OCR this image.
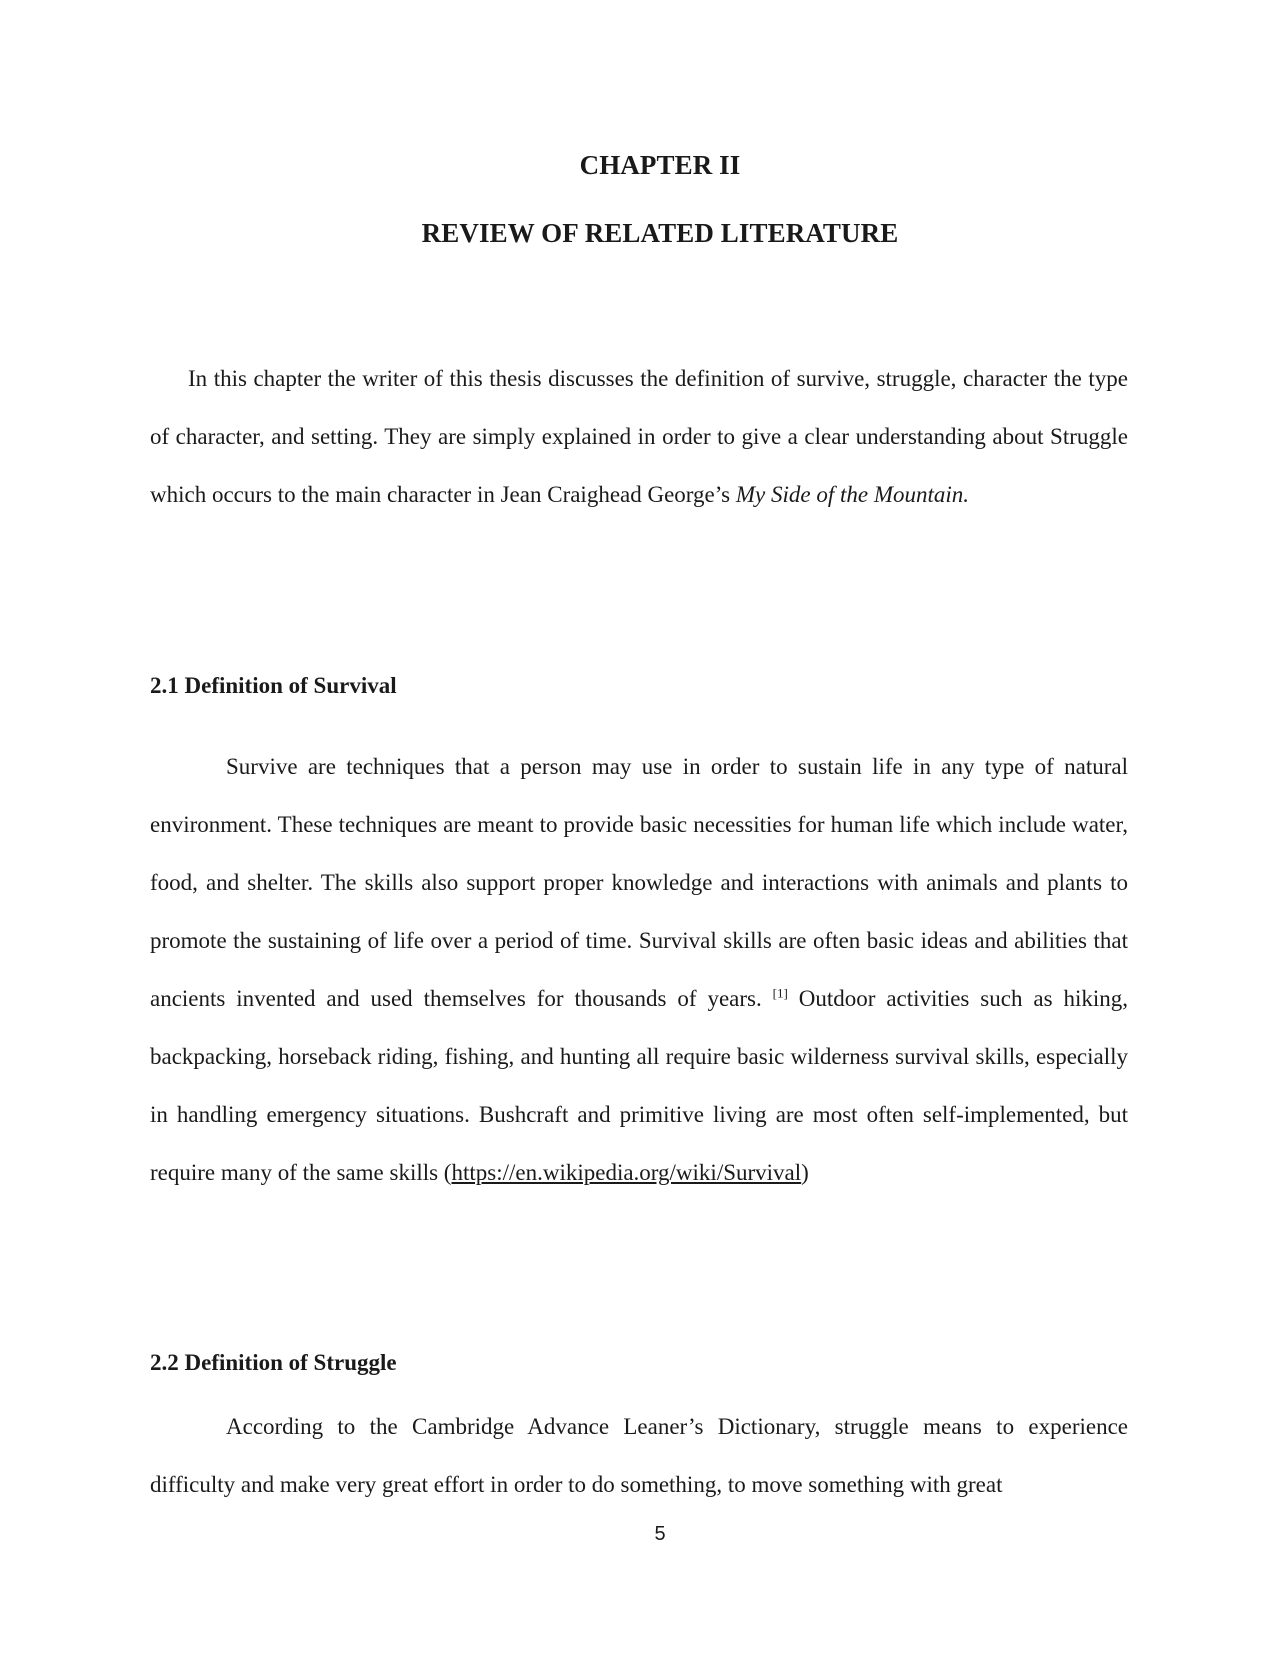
CHAPTER II
REVIEW OF RELATED LITERATURE

In this chapter the writer of this thesis discusses the definition of survive, struggle, character the type of character, and setting. They are simply explained in order to give a clear understanding about Struggle which occurs to the main character in Jean Craighead George’s My Side of the Mountain.

2.1 Definition of Survival

Survive are techniques that a person may use in order to sustain life in any type of natural environment. These techniques are meant to provide basic necessities for human life which include water, food, and shelter. The skills also support proper knowledge and interactions with animals and plants to promote the sustaining of life over a period of time. Survival skills are often basic ideas and abilities that ancients invented and used themselves for thousands of years. [1] Outdoor activities such as hiking, backpacking, horseback riding, fishing, and hunting all require basic wilderness survival skills, especially in handling emergency situations. Bushcraft and primitive living are most often self-implemented, but require many of the same skills (https://en.wikipedia.org/wiki/Survival)

2.2 Definition of Struggle

According to the Cambridge Advance Leaner’s Dictionary, struggle means to experience difficulty and make very great effort in order to do something, to move something with great

5
